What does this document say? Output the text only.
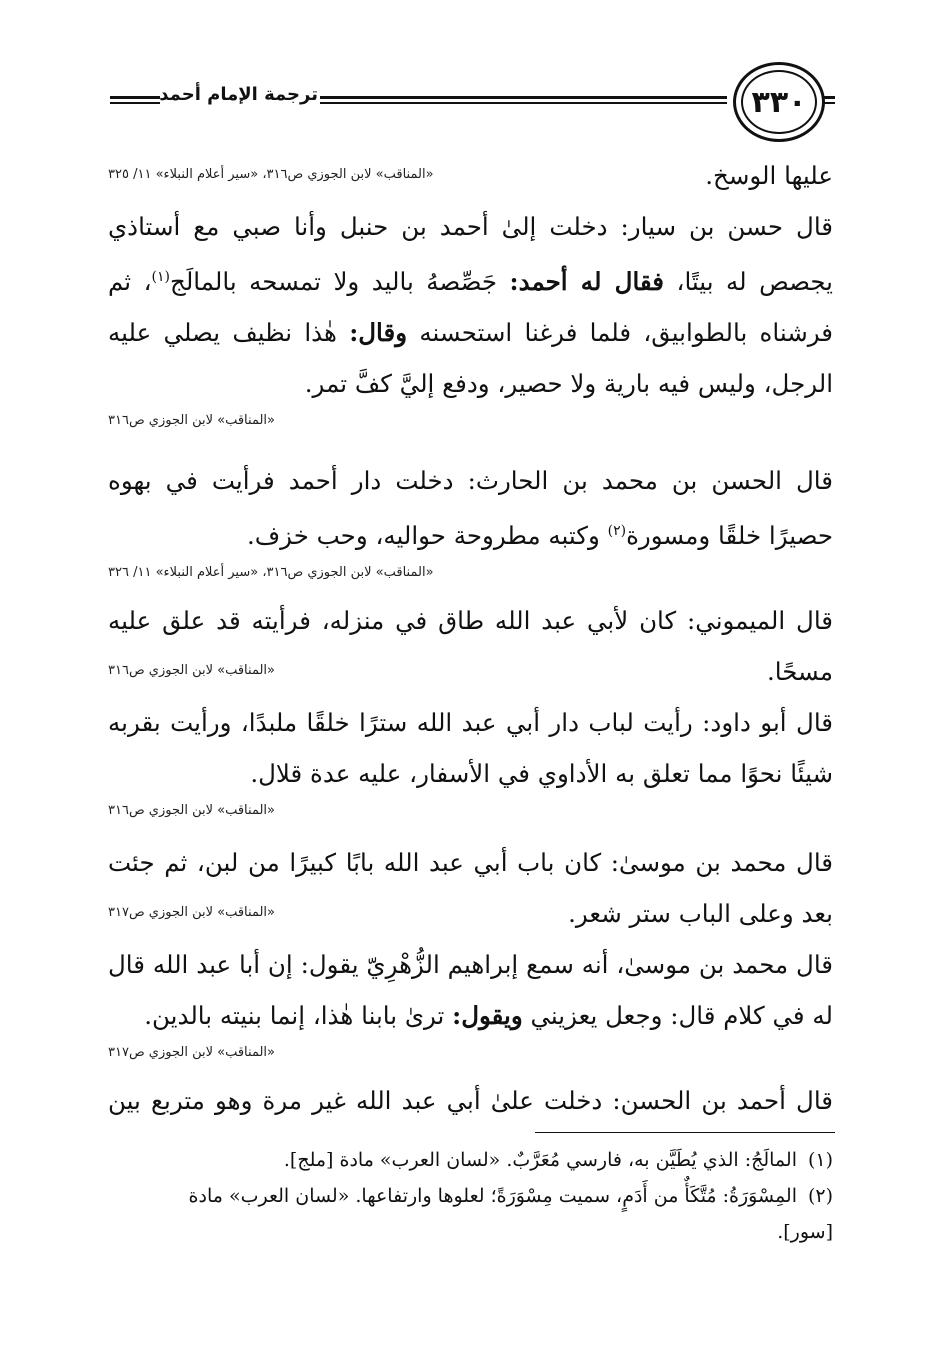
٣٣٠
ترجمة الإمام أحمد
عليها الوسخ.
«المناقب» لابن الجوزي ص٣١٦، «سير أعلام النبلاء» ١١/ ٣٢٥
قال حسن بن سيار: دخلت إلىٰ أحمد بن حنبل وأنا صبي مع أستاذي
يجصص له بيتًا، فقال له أحمد: جَصِّصهُ باليد ولا تمسحه بالمالَج$^{(١)}$، ثم
فرشناه بالطوابيق، فلما فرغنا استحسنه وقال: هٰذا نظيف يصلي عليه
الرجل، وليس فيه بارية ولا حصير، ودفع إليَّ كفَّ تمر.
«المناقب» لابن الجوزي ص٣١٦
قال الحسن بن محمد بن الحارث: دخلت دار أحمد فرأيت في بهوه
حصيرًا خلقًا ومسورة$^{(٢)}$ وكتبه مطروحة حواليه، وحب خزف.
«المناقب» لابن الجوزي ص٣١٦، «سير أعلام النبلاء» ١١/ ٣٢٦
قال الميموني: كان لأبي عبد الله طاق في منزله، فرأيته قد علق عليه
مسحًا.
«المناقب» لابن الجوزي ص٣١٦
قال أبو داود: رأيت لباب دار أبي عبد الله سترًا خلقًا ملبدًا، ورأيت بقربه
شيئًا نحوًا مما تعلق به الأداوي في الأسفار، عليه عدة قلال.
«المناقب» لابن الجوزي ص٣١٦
قال محمد بن موسىٰ: كان باب أبي عبد الله بابًا كبيرًا من لبن، ثم جئت
بعد وعلى الباب ستر شعر.
«المناقب» لابن الجوزي ص٣١٧
قال محمد بن موسىٰ، أنه سمع إبراهيم الزُّهْرِيّ يقول: إن أبا عبد الله قال
له في كلام قال: وجعل يعزيني ويقول: ترىٰ بابنا هٰذا، إنما بنيته بالدين.
«المناقب» لابن الجوزي ص٣١٧
قال أحمد بن الحسن: دخلت علىٰ أبي عبد الله غير مرة وهو متربع بين
(١)المالَجُ: الذي يُطَيَّن به، فارسي مُعَرَّبٌ. «لسان العرب» مادة [ملج].
(٢)المِسْوَرَةُ: مُتَّكَأٌ من أَدَمٍ، سميت مِسْوَرَةً؛ لعلوها وارتفاعها. «لسان العرب» مادة
[سور].
